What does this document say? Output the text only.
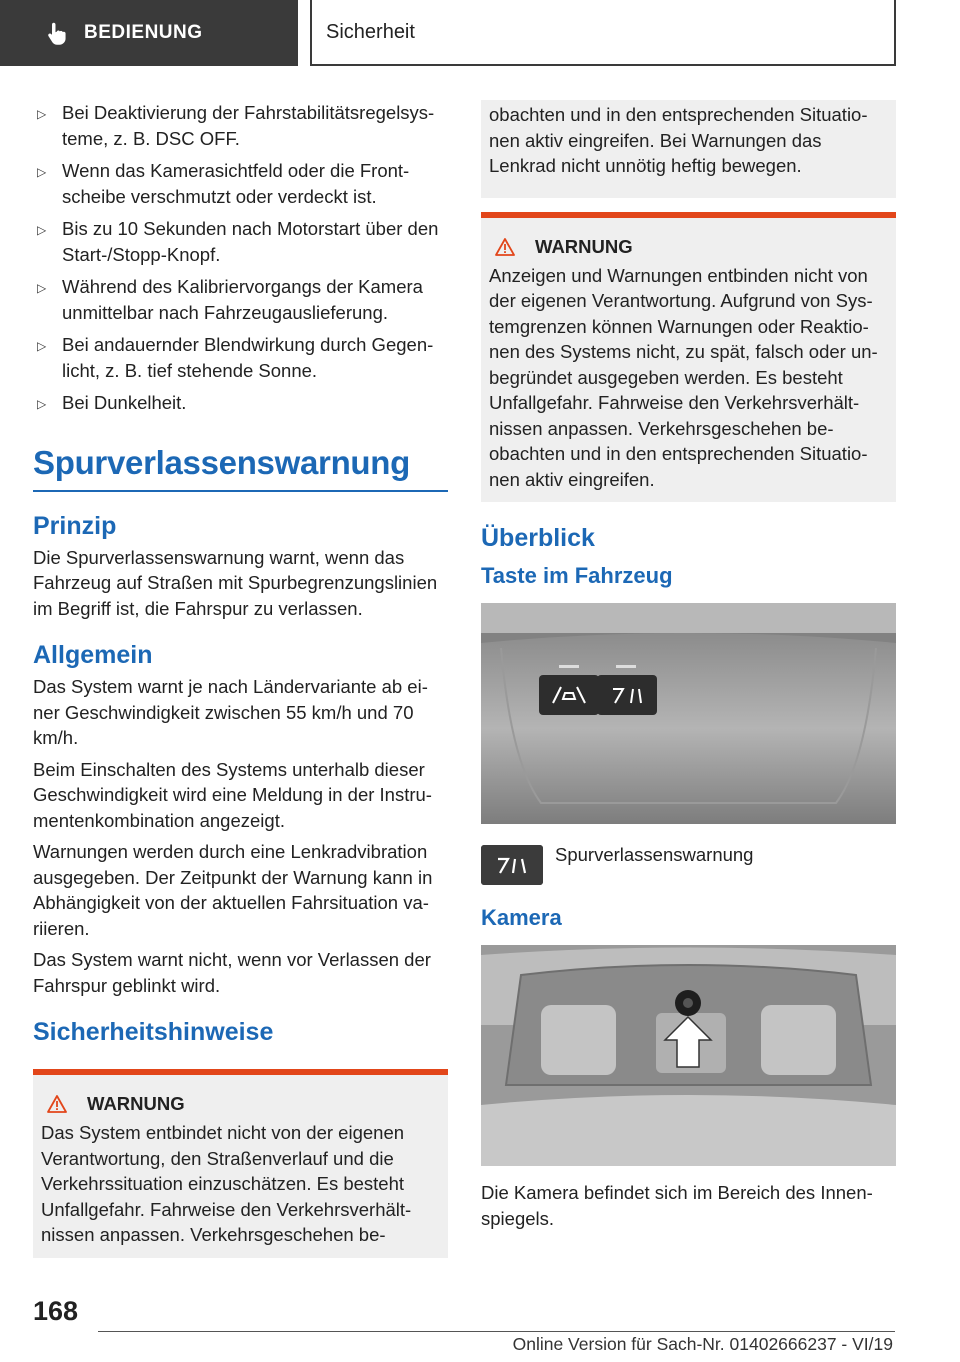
BEDIENUNG	Sicherheit
▷ Bei Deaktivierung der Fahrstabilitätsregelsys-teme, z. B. DSC OFF.
▷ Wenn das Kamerasichtfeld oder die Front-scheibe verschmutzt oder verdeckt ist.
▷ Bis zu 10 Sekunden nach Motorstart über den Start-/Stopp-Knopf.
▷ Während des Kalibriervorgangs der Kamera unmittelbar nach Fahrzeugauslieferung.
▷ Bei andauernder Blendwirkung durch Gegen-licht, z. B. tief stehende Sonne.
▷ Bei Dunkelheit.
Spurverlassenswarnung
Prinzip

Die Spurverlassenswarnung warnt, wenn das Fahrzeug auf Straßen mit Spurbegrenzungslinien im Begriff ist, die Fahrspur zu verlassen.

Allgemein

Das System warnt je nach Ländervariante ab ei-ner Geschwindigkeit zwischen 55 km/h und 70 km/h.

Beim Einschalten des Systems unterhalb dieser Geschwindigkeit wird eine Meldung in der Instru-mentenkombination angezeigt.

Warnungen werden durch eine Lenkradvibration ausgegeben. Der Zeitpunkt der Warnung kann in Abhängigkeit von der aktuellen Fahrsituation va-riieren.

Das System warnt nicht, wenn vor Verlassen der Fahrspur geblinkt wird.

Sicherheitshinweise
WARNUNG

Das System entbindet nicht von der eigenen Verantwortung, den Straßenverlauf und die Verkehrssituation einzuschätzen. Es besteht Unfallgefahr. Fahrweise den Verkehrsverhält-nissen anpassen. Verkehrsgeschehen be-

obachten und in den entsprechenden Situatio-nen aktiv eingreifen. Bei Warnungen das Lenkrad nicht unnötig heftig bewegen.

WARNUNG

Anzeigen und Warnungen entbinden nicht von der eigenen Verantwortung. Aufgrund von Sys-temgrenzen können Warnungen oder Reaktio-nen des Systems nicht, zu spät, falsch oder un-begründet ausgegeben werden. Es besteht Unfallgefahr. Fahrweise den Verkehrsverhält-nissen anpassen. Verkehrsgeschehen be-obachten und in den entsprechenden Situatio-nen aktiv eingreifen.

Überblick
Taste im Fahrzeug
Spurverlassenswarnung
Kamera

Die Kamera befindet sich im Bereich des Innen-spiegels.

168
Online Version für Sach-Nr. 01402666237 - VI/19
